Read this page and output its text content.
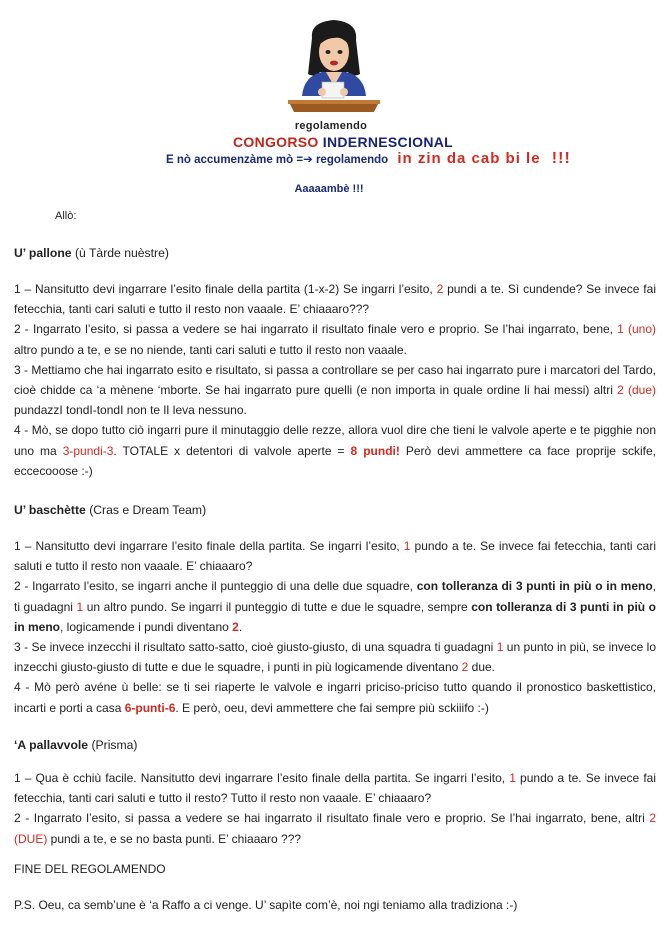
regolamendo
CONGORSO INDERNESCIONAL
E nò accumenzàme mò =➔ regolamendo in zin da cab bi le !!!
Aaaaambè !!!
Allò:
U’ pallone (ù Tàrde nuèstre)
1 – Nansitutto devi ingarrare l’esito finale della partita (1-x-2) Se ingarri l’esito, 2 pundi a te. Sì cundende? Se invece fai fetecchia, tanti cari saluti e tutto il resto non vaaale. E’ chiaaaro???
2 - Ingarrato l’esito, si passa a vedere se hai ingarrato il risultato finale vero e proprio. Se l’hai ingarrato, bene, 1 (uno) altro pundo a te, e se no niende, tanti cari saluti e tutto il resto non vaaale.
3 - Mettiamo che hai ingarrato esito e risultato, si passa a controllare se per caso hai ingarrato pure i marcatori del Tardo, cioè chidde ca ‘a mènene ‘mborte. Se hai ingarrato pure quelli (e non importa in quale ordine li hai messi) altri 2 (due) pundazzI tondI-tondI non te lI leva nessuno.
4 - Mò, se dopo tutto ciò ingarri pure il minutaggio delle rezze, allora vuol dire che tieni le valvole aperte e te pigghie non uno ma 3-pundi-3. TOTALE x detentori di valvole aperte = 8 pundi! Però devi ammettere ca face proprije sckife, eccecooose :-)
U’ baschètte (Cras e Dream Team)
1 – Nansitutto devi ingarrare l’esito finale della partita. Se ingarri l’esito, 1 pundo a te. Se invece fai fetecchia, tanti cari saluti e tutto il resto non vaaale. E’ chiaaaro?
2 - Ingarrato l’esito, se ingarri anche il punteggio di una delle due squadre, con tolleranza di 3 punti in più o in meno, ti guadagni 1 un altro pundo. Se ingarri il punteggio di tutte e due le squadre, sempre con tolleranza di 3 punti in più o in meno, logicamende i pundi diventano 2.
3 - Se invece inzecchi il risultato satto-satto, cioè giusto-giusto, di una squadra ti guadagni 1 un punto in più, se invece lo inzecchi giusto-giusto di tutte e due le squadre, i punti in più logicamende diventano 2 due.
4 - Mò però avéne ù belle: se ti sei riaperte le valvole e ingarri priciso-priciso tutto quando il pronostico baskettistico, incarti e porti a casa 6-punti-6. E però, oeu, devi ammettere che fai sempre più sckiiifo :-)
‘A pallavvole (Prisma)
1 – Qua è cchiù facile. Nansitutto devi ingarrare l’esito finale della partita. Se ingarri l’esito, 1 pundo a te. Se invece fai fetecchia, tanti cari saluti e tutto il resto? Tutto il resto non vaaale. E’ chiaaaro?
2 - Ingarrato l’esito, si passa a vedere se hai ingarrato il risultato finale vero e proprio. Se l’hai ingarrato, bene, altri 2 (DUE) pundi a te, e se no basta punti. E’ chiaaaro ???
FINE DEL REGOLAMENDO
P.S. Oeu, ca semb’une è ‘a Raffo a ci venge. U’ sapìte com’è, noi ngi teniamo alla tradiziona :-)
